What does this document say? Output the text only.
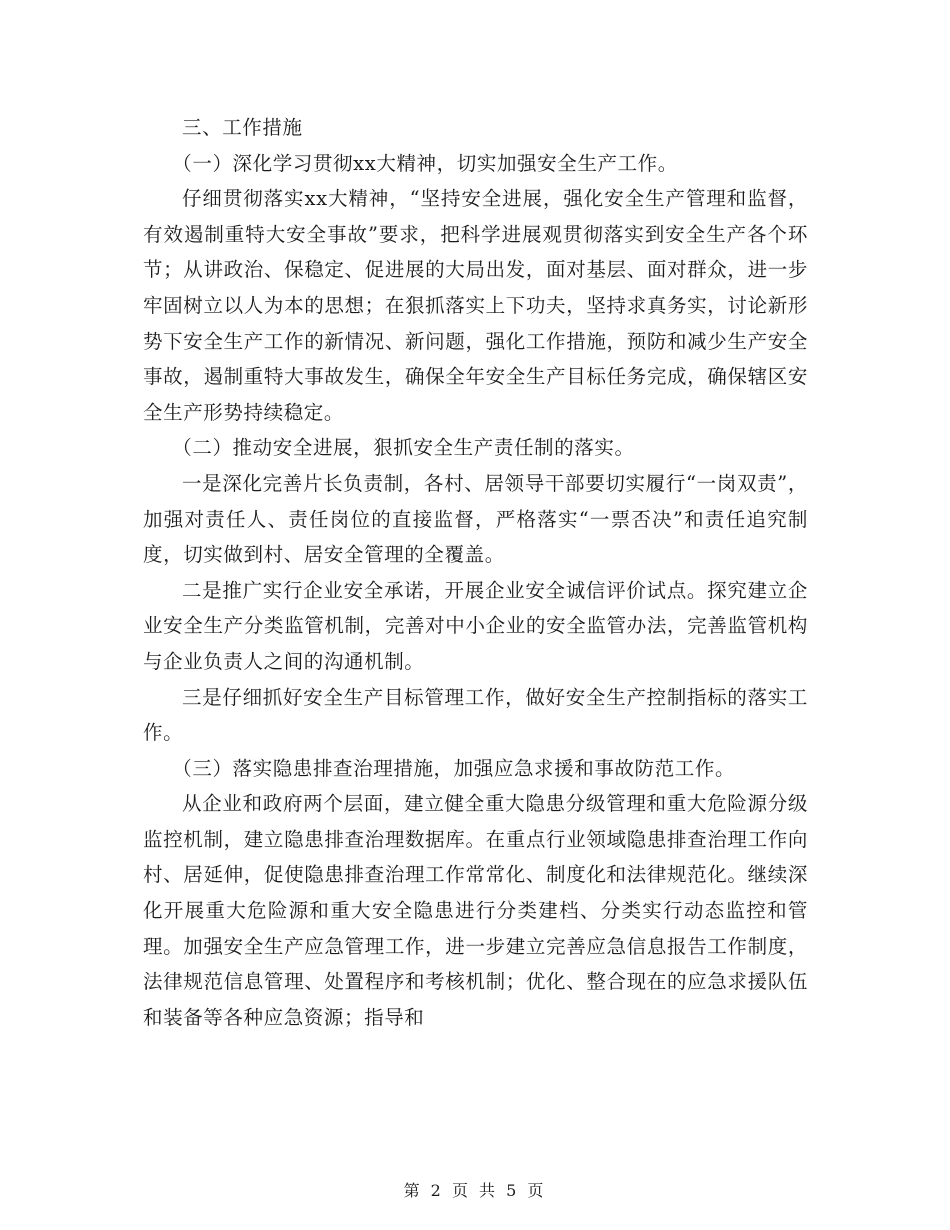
三、工作措施

（一）深化学习贯彻xx大精神，切实加强安全生产工作。

仔细贯彻落实xx大精神，“坚持安全进展，强化安全生产管理和监督，有效遏制重特大安全事故”要求，把科学进展观贯彻落实到安全生产各个环节；从讲政治、保稳定、促进展的大局出发，面对基层、面对群众，进一步牢固树立以人为本的思想；在狠抓落实上下功夫，坚持求真务实，讨论新形势下安全生产工作的新情况、新问题，强化工作措施，预防和减少生产安全事故，遏制重特大事故发生，确保全年安全生产目标任务完成，确保辖区安全生产形势持续稳定。

（二）推动安全进展，狠抓安全生产责任制的落实。

一是深化完善片长负责制，各村、居领导干部要切实履行“一岗双责”，加强对责任人、责任岗位的直接监督，严格落实“一票否决”和责任追究制度，切实做到村、居安全管理的全覆盖。

二是推广实行企业安全承诺，开展企业安全诚信评价试点。探究建立企业安全生产分类监管机制，完善对中小企业的安全监管办法，完善监管机构与企业负责人之间的沟通机制。

三是仔细抓好安全生产目标管理工作，做好安全生产控制指标的落实工作。

（三）落实隐患排查治理措施，加强应急求援和事故防范工作。

从企业和政府两个层面，建立健全重大隐患分级管理和重大危险源分级监控机制，建立隐患排查治理数据库。在重点行业领域隐患排查治理工作向村、居延伸，促使隐患排查治理工作常常化、制度化和法律规范化。继续深化开展重大危险源和重大安全隐患进行分类建档、分类实行动态监控和管理。加强安全生产应急管理工作，进一步建立完善应急信息报告工作制度，法律规范信息管理、处置程序和考核机制；优化、整合现在的应急求援队伍和装备等各种应急资源；指导和

第 2 页 共 5 页
